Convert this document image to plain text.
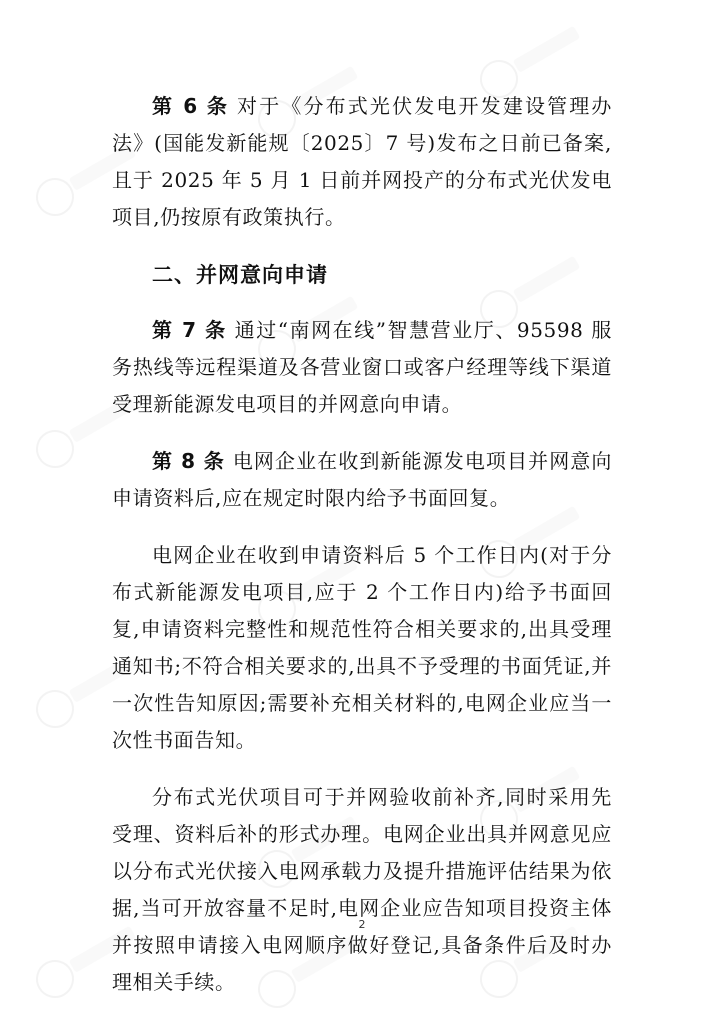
第 6 条 对于《分布式光伏发电开发建设管理办法》(国能发新能规〔2025〕7 号)发布之日前已备案,且于 2025 年 5 月 1 日前并网投产的分布式光伏发电项目,仍按原有政策执行。

二、并网意向申请

第 7 条 通过“南网在线”智慧营业厅、95598 服务热线等远程渠道及各营业窗口或客户经理等线下渠道受理新能源发电项目的并网意向申请。

第 8 条 电网企业在收到新能源发电项目并网意向申请资料后,应在规定时限内给予书面回复。

电网企业在收到申请资料后 5 个工作日内(对于分布式新能源发电项目,应于 2 个工作日内)给予书面回复,申请资料完整性和规范性符合相关要求的,出具受理通知书;不符合相关要求的,出具不予受理的书面凭证,并一次性告知原因;需要补充相关材料的,电网企业应当一次性书面告知。

分布式光伏项目可于并网验收前补齐,同时采用先受理、资料后补的形式办理。电网企业出具并网意见应以分布式光伏接入电网承载力及提升措施评估结果为依据,当可开放容量不足时,电网企业应告知项目投资主体并按照申请接入电网顺序做好登记,具备条件后及时办理相关手续。

2
